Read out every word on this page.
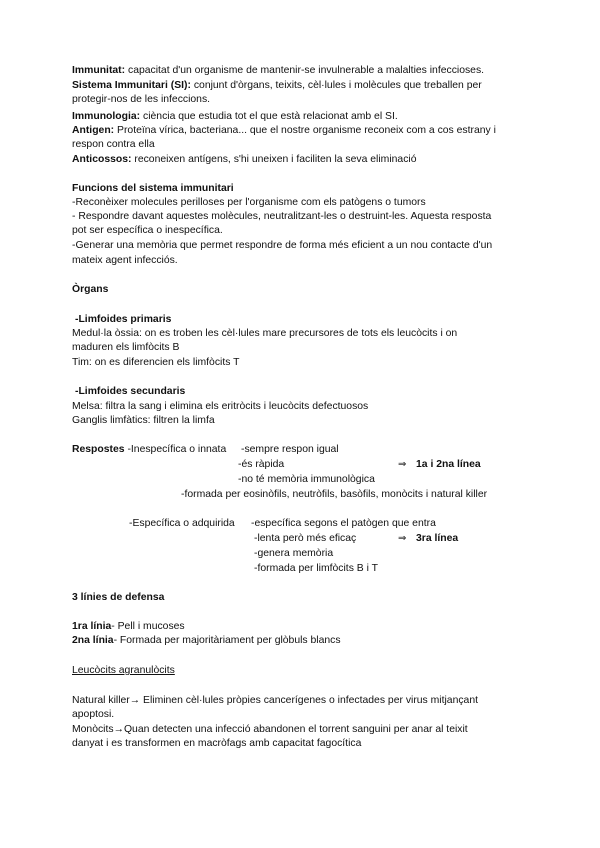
Immunitat: capacitat d'un organisme de mantenir-se invulnerable a malalties infeccioses.
Sistema Immunitari (SI): conjunt d'òrgans, teixits, cèl·lules i molècules que treballen per
protegir-nos de les infeccions.
Immunologia: ciència que estudia tot el que està relacionat amb el SI.
Antigen: Proteïna vírica, bacteriana... que el nostre organisme reconeix com a cos estrany i
respon contra ella
Anticossos: reconeixen antígens, s'hi uneixen i faciliten la seva eliminació
Funcions del sistema immunitari
-Reconèixer molecules perilloses per l'organisme com els patògens o tumors
- Respondre davant aquestes molècules, neutralitzant-les o destruint-les. Aquesta resposta
pot ser específica o inespecífica.
-Generar una memòria que permet respondre de forma més eficient a un nou contacte d'un
mateix agent infecciós.
Òrgans
-Limfoides primaris
Medul·la òssia: on es troben les cèl·lules mare precursores de tots els leucòcits i on
maduren els limfòcits B
Tim: on es diferencien els limfòcits T
-Limfoides secundaris
Melsa: filtra la sang i elimina els eritròcits i leucòcits defectuosos
Ganglis limfàtics: filtren la limfa
Respostes -Inespecífica o innata -sempre respon igual
-és ràpida	⇒ 1a i 2na línea
-no té memòria immunològica
-formada per eosinòfils, neutròfils, basòfils, monòcits i natural killer
-Específica o adquirida -específica segons el patògen que entra
-lenta però més eficaç	⇒ 3ra línea
-genera memòria
-formada per limfòcits B i T
3 línies de defensa
1ra línia- Pell i mucoses
2na línia- Formada per majoritàriament per glòbuls blancs
Leucòcits agranulòcits
Natural killer→ Eliminen cèl·lules pròpies cancerígenes o infectades per virus mitjançant
apoptosi.
Monòcits→Quan detecten una infecció abandonen el torrent sanguini per anar al teixit
danyat i es transformen en macròfags amb capacitat fagocítica
